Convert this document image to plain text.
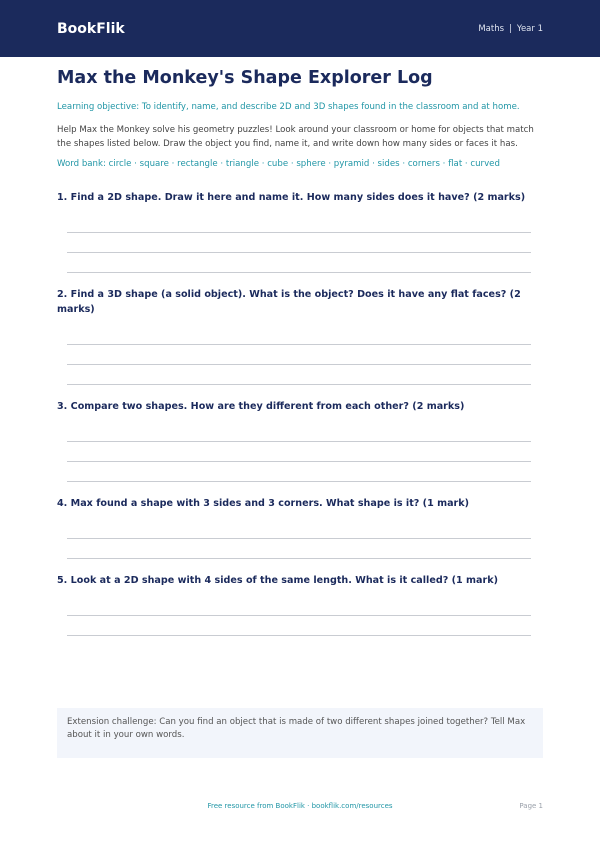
BookFlik	Maths | Year 1
Max the Monkey's Shape Explorer Log
Learning objective: To identify, name, and describe 2D and 3D shapes found in the classroom and at home.
Help Max the Monkey solve his geometry puzzles! Look around your classroom or home for objects that match the shapes listed below. Draw the object you find, name it, and write down how many sides or faces it has.
Word bank: circle · square · rectangle · triangle · cube · sphere · pyramid · sides · corners · flat · curved
1. Find a 2D shape. Draw it here and name it. How many sides does it have? (2 marks)
2. Find a 3D shape (a solid object). What is the object? Does it have any flat faces? (2 marks)
3. Compare two shapes. How are they different from each other? (2 marks)
4. Max found a shape with 3 sides and 3 corners. What shape is it? (1 mark)
5. Look at a 2D shape with 4 sides of the same length. What is it called? (1 mark)
Extension challenge: Can you find an object that is made of two different shapes joined together? Tell Max about it in your own words.
Free resource from BookFlik · bookflik.com/resources	Page 1
